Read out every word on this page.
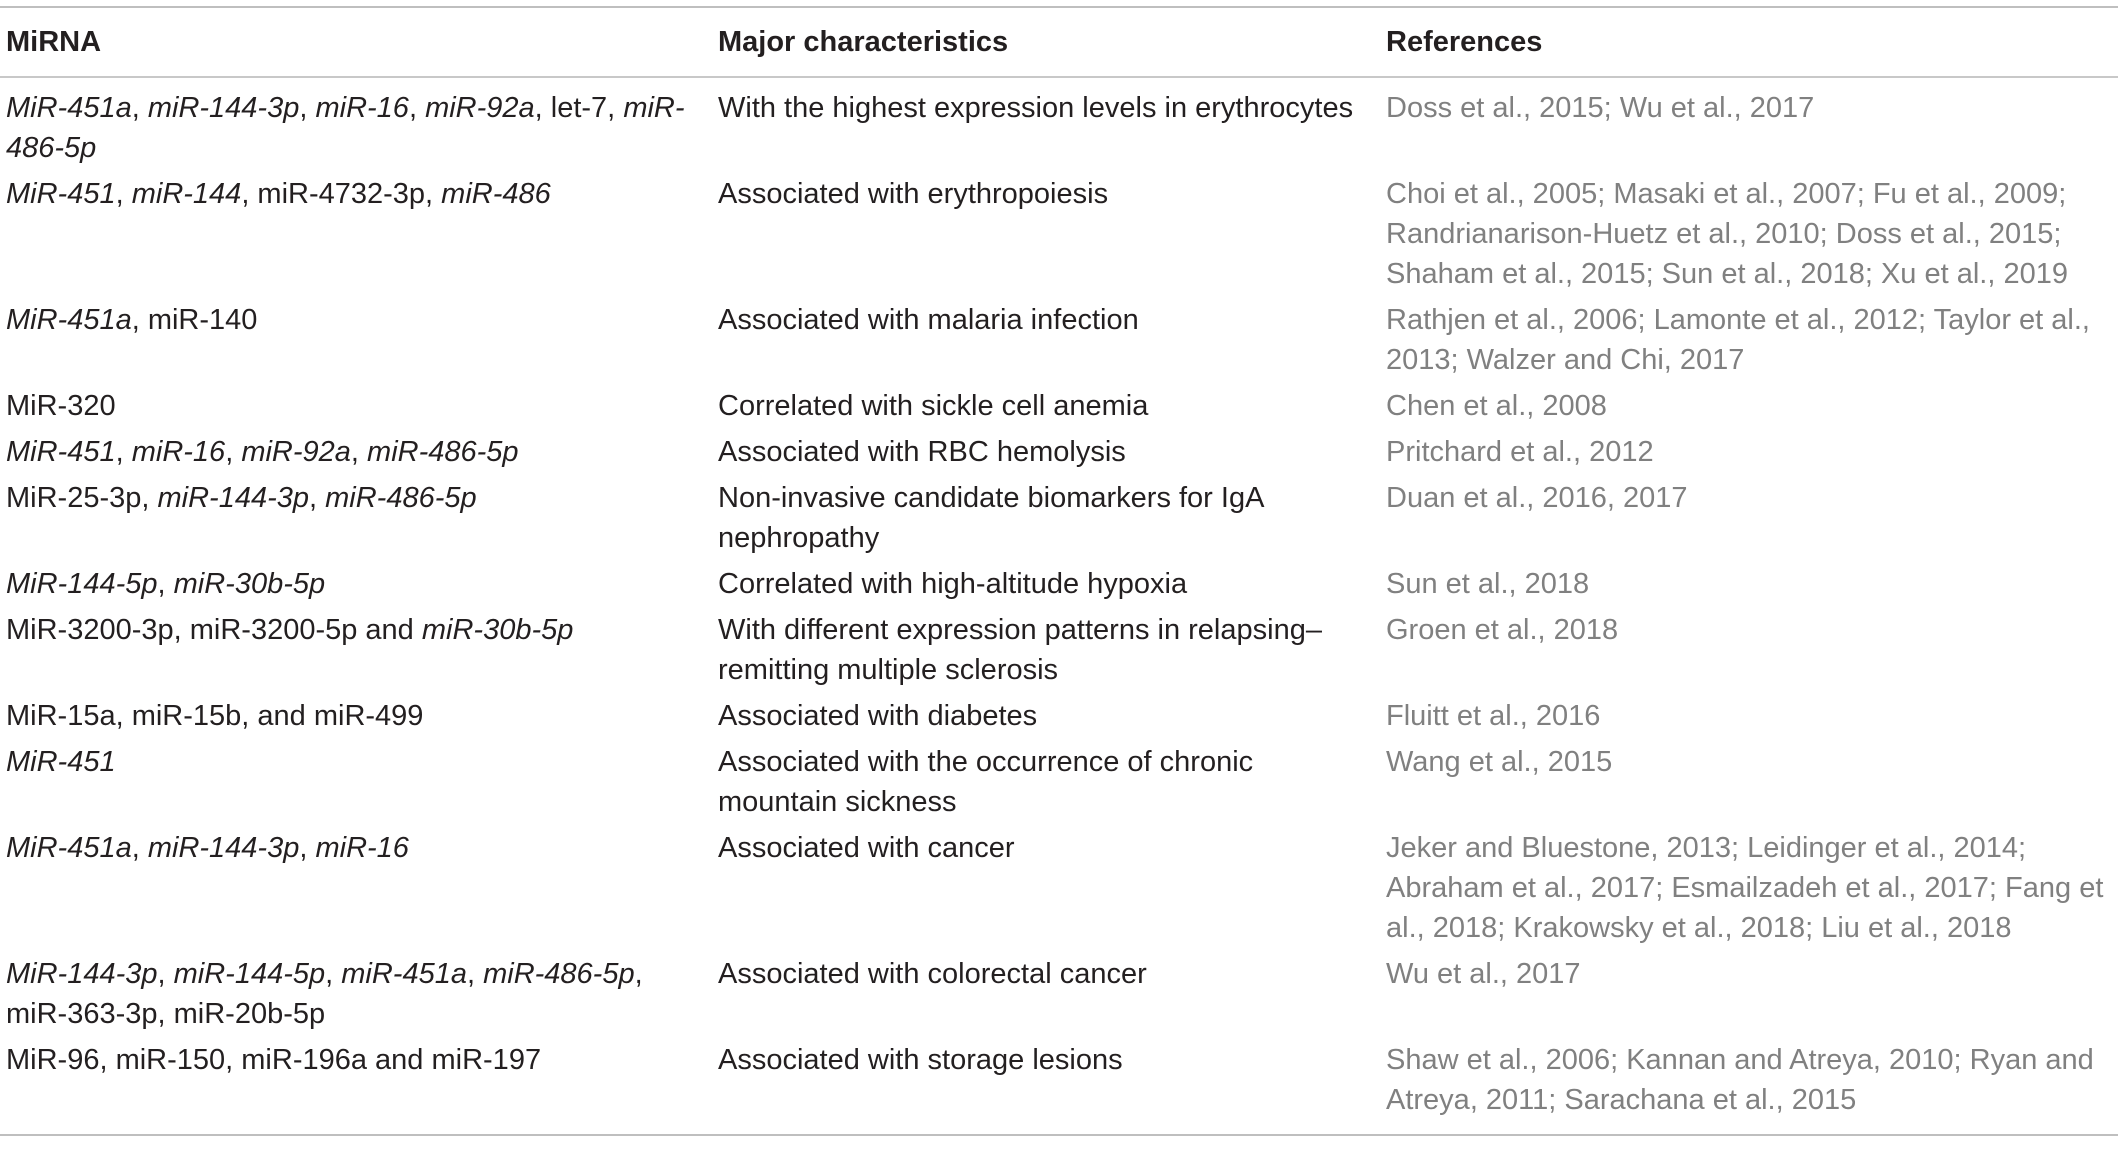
MiRNA	Major characteristics	References
MiR-451a, miR-144-3p, miR-16, miR-92a, let-7, miR-486-5p	With the highest expression levels in erythrocytes	Doss et al., 2015; Wu et al., 2017
MiR-451, miR-144, miR-4732-3p, miR-486	Associated with erythropoiesis	Choi et al., 2005; Masaki et al., 2007; Fu et al., 2009; Randrianarison-Huetz et al., 2010; Doss et al., 2015; Shaham et al., 2015; Sun et al., 2018; Xu et al., 2019
MiR-451a, miR-140	Associated with malaria infection	Rathjen et al., 2006; Lamonte et al., 2012; Taylor et al., 2013; Walzer and Chi, 2017
MiR-320	Correlated with sickle cell anemia	Chen et al., 2008
MiR-451, miR-16, miR-92a, miR-486-5p	Associated with RBC hemolysis	Pritchard et al., 2012
MiR-25-3p, miR-144-3p, miR-486-5p	Non-invasive candidate biomarkers for IgA nephropathy	Duan et al., 2016, 2017
MiR-144-5p, miR-30b-5p	Correlated with high-altitude hypoxia	Sun et al., 2018
MiR-3200-3p, miR-3200-5p and miR-30b-5p	With different expression patterns in relapsing–remitting multiple sclerosis	Groen et al., 2018
MiR-15a, miR-15b, and miR-499	Associated with diabetes	Fluitt et al., 2016
MiR-451	Associated with the occurrence of chronic mountain sickness	Wang et al., 2015
MiR-451a, miR-144-3p, miR-16	Associated with cancer	Jeker and Bluestone, 2013; Leidinger et al., 2014; Abraham et al., 2017; Esmailzadeh et al., 2017; Fang et al., 2018; Krakowsky et al., 2018; Liu et al., 2018
MiR-144-3p, miR-144-5p, miR-451a, miR-486-5p, miR-363-3p, miR-20b-5p	Associated with colorectal cancer	Wu et al., 2017
MiR-96, miR-150, miR-196a and miR-197	Associated with storage lesions	Shaw et al., 2006; Kannan and Atreya, 2010; Ryan and Atreya, 2011; Sarachana et al., 2015
